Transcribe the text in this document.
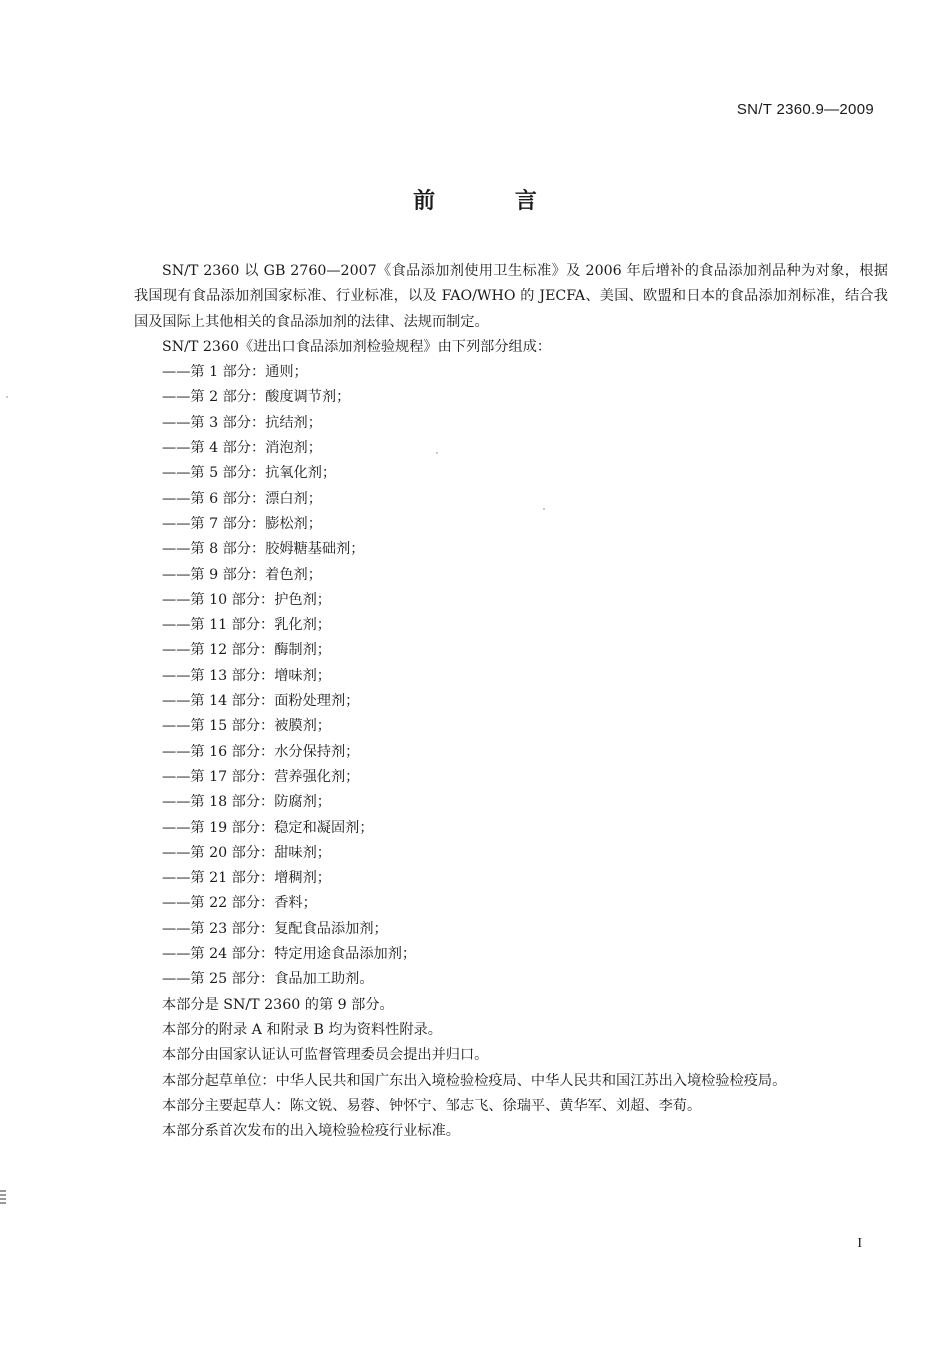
SN/T 2360.9—2009
前 言

SN/T 2360 以 GB 2760—2007《食品添加剂使用卫生标准》及 2006 年后增补的食品添加剂品种为对象，根据我国现有食品添加剂国家标准、行业标准，以及 FAO/WHO 的 JECFA、美国、欧盟和日本的食品添加剂标准，结合我国及国际上其他相关的食品添加剂的法律、法规而制定。

SN/T 2360《进出口食品添加剂检验规程》由下列部分组成：

——第 1 部分：通则；
——第 2 部分：酸度调节剂；
——第 3 部分：抗结剂；
——第 4 部分：消泡剂；
——第 5 部分：抗氧化剂；
——第 6 部分：漂白剂；
——第 7 部分：膨松剂；
——第 8 部分：胶姆糖基础剂；
——第 9 部分：着色剂；
——第 10 部分：护色剂；
——第 11 部分：乳化剂；
——第 12 部分：酶制剂；
——第 13 部分：增味剂；
——第 14 部分：面粉处理剂；
——第 15 部分：被膜剂；
——第 16 部分：水分保持剂；
——第 17 部分：营养强化剂；
——第 18 部分：防腐剂；
——第 19 部分：稳定和凝固剂；
——第 20 部分：甜味剂；
——第 21 部分：增稠剂；
——第 22 部分：香料；
——第 23 部分：复配食品添加剂；
——第 24 部分：特定用途食品添加剂；
——第 25 部分：食品加工助剂。

本部分是 SN/T 2360 的第 9 部分。

本部分的附录 A 和附录 B 均为资料性附录。

本部分由国家认证认可监督管理委员会提出并归口。

本部分起草单位：中华人民共和国广东出入境检验检疫局、中华人民共和国江苏出入境检验检疫局。

本部分主要起草人：陈文锐、易蓉、钟怀宁、邹志飞、徐瑞平、黄华军、刘超、李荀。

本部分系首次发布的出入境检验检疫行业标准。

I
